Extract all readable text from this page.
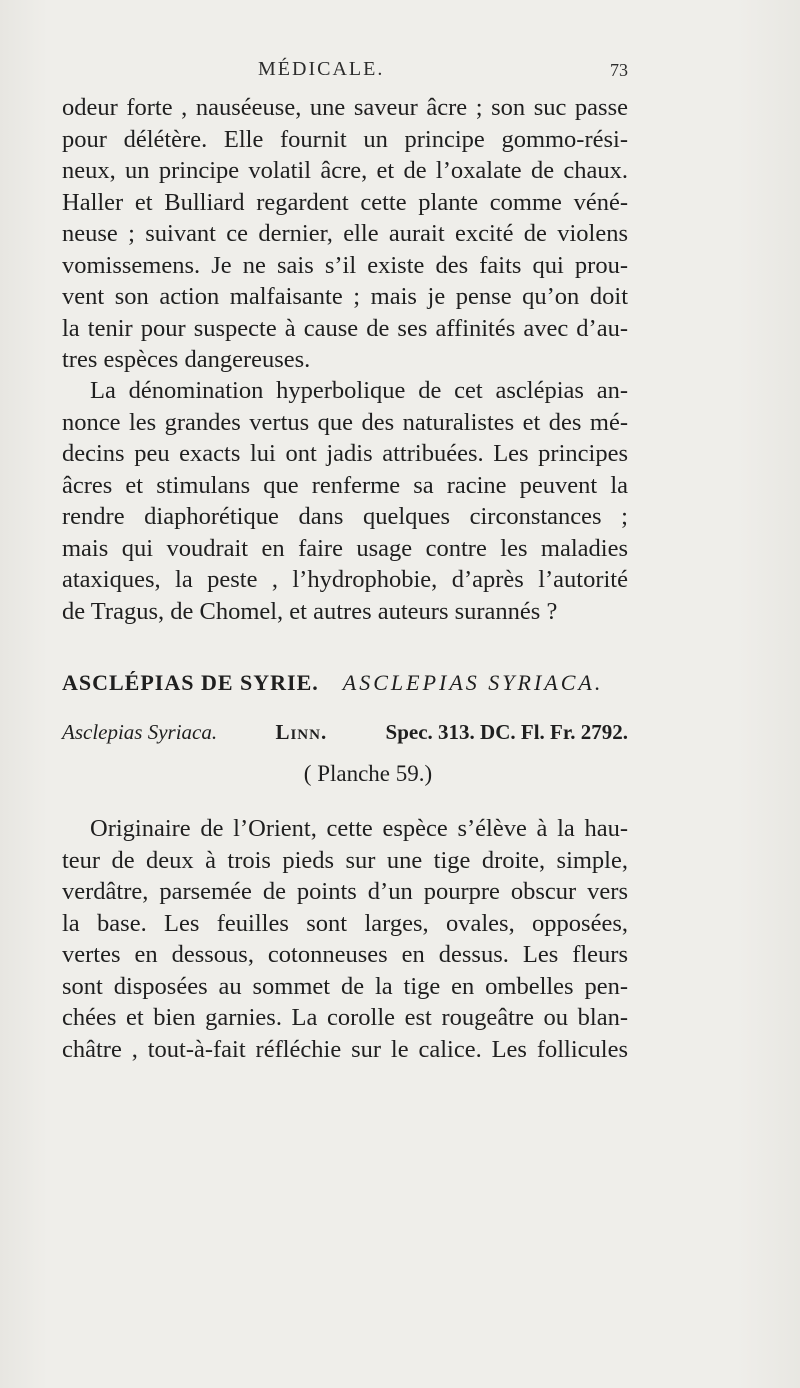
MÉDICALE.	73
odeur forte , nauséeuse, une saveur âcre ; son suc passe
pour délétère. Elle fournit un principe gommo-rési-
neux, un principe volatil âcre, et de l’oxalate de chaux.
Haller et Bulliard regardent cette plante comme véné-
neuse ; suivant ce dernier, elle aurait excité de violens
vomissemens. Je ne sais s’il existe des faits qui prou-
vent son action malfaisante ; mais je pense qu’on doit
la tenir pour suspecte à cause de ses affinités avec d’au-
tres espèces dangereuses.
La dénomination hyperbolique de cet asclépias an-
nonce les grandes vertus que des naturalistes et des mé-
decins peu exacts lui ont jadis attribuées. Les principes
âcres et stimulans que renferme sa racine peuvent la
rendre diaphorétique dans quelques circonstances ;
mais qui voudrait en faire usage contre les maladies
ataxiques, la peste , l’hydrophobie, d’après l’autorité
de Tragus, de Chomel, et autres auteurs surannés ?
ASCLÉPIAS DE SYRIE. ASCLEPIAS SYRIACA.
Asclepias Syriaca.	Linn.	Spec. 313. DC. Fl. Fr. 2792.
( Planche 59.)
Originaire de l’Orient, cette espèce s’élève à la hau-
teur de deux à trois pieds sur une tige droite, simple,
verdâtre, parsemée de points d’un pourpre obscur vers
la base. Les feuilles sont larges, ovales, opposées,
vertes en dessous, cotonneuses en dessus. Les fleurs
sont disposées au sommet de la tige en ombelles pen-
chées et bien garnies. La corolle est rougeâtre ou blan-
châtre , tout-à-fait réfléchie sur le calice. Les follicules
